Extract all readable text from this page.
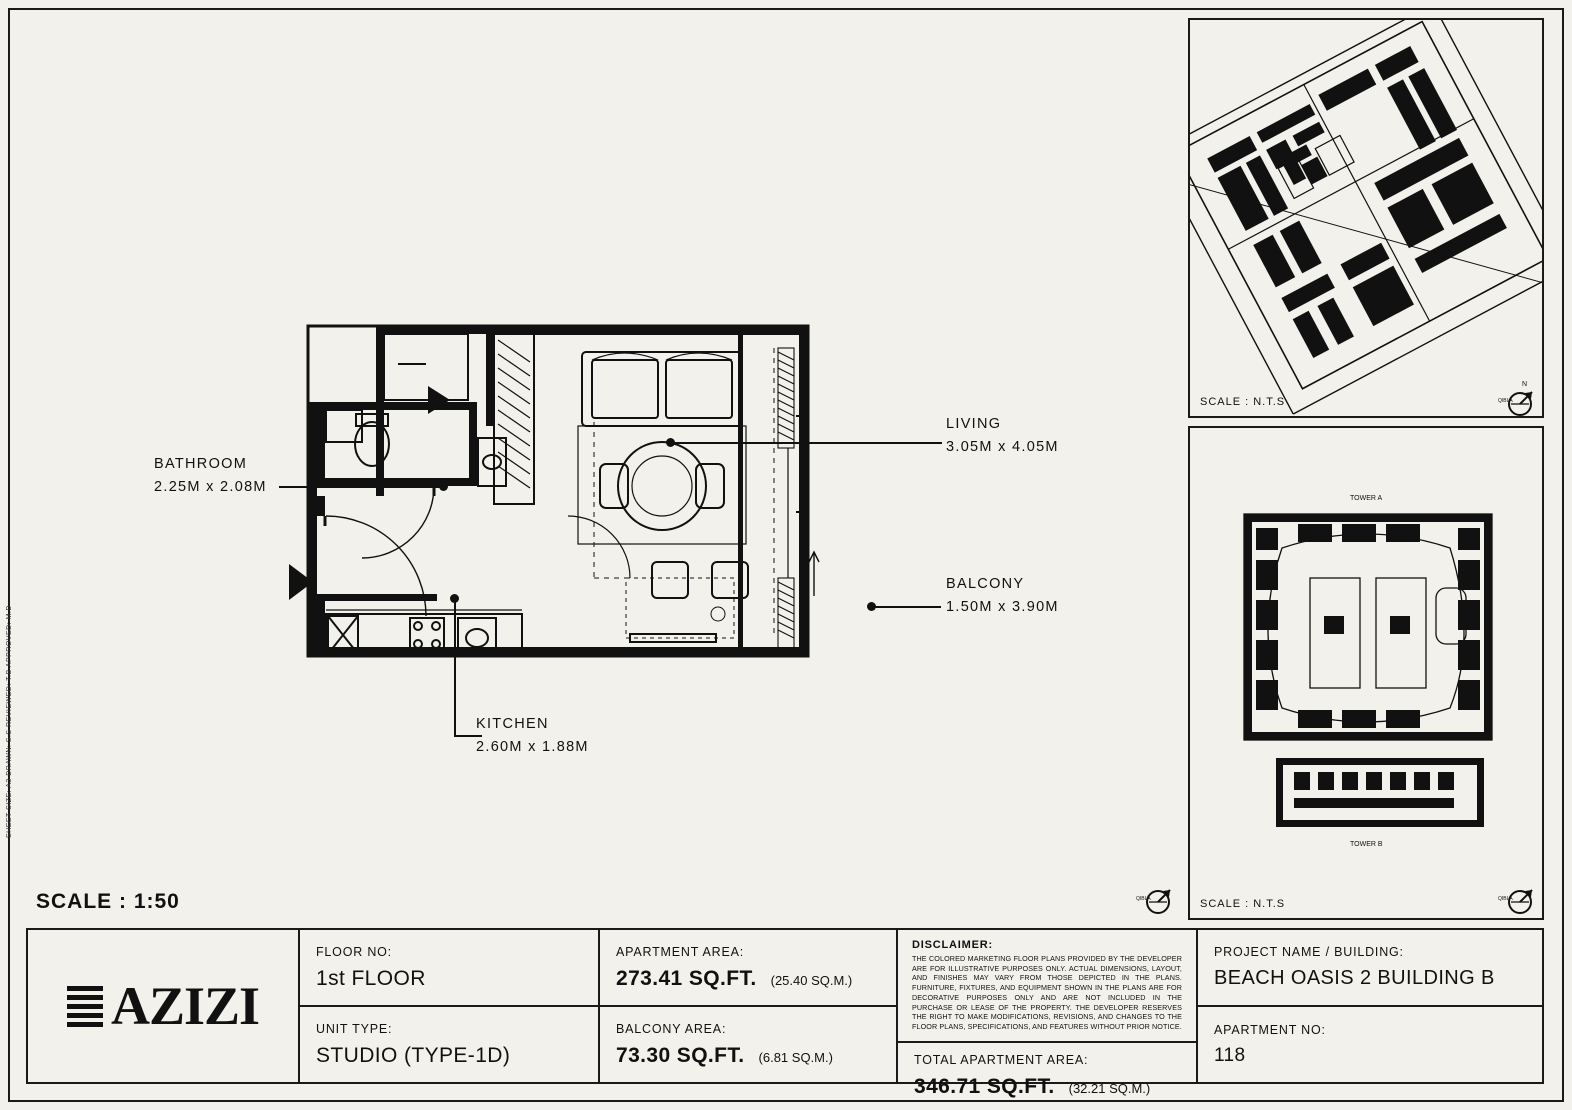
SHEET SIZE: A3 DRAWN: S.S REVIEWED: T.B APPROVED: M.D
BATHROOM
2.25M x 2.08M
KITCHEN
2.60M x 1.88M
LIVING
3.05M x 4.05M
BALCONY
1.50M x 3.90M
SCALE : 1:50	QIBLA
SCALE : N.T.S
N
QIBLA
TOWER A
TOWER B
SCALE : N.T.S	QIBLA
AZIZI
FLOOR NO:
1st FLOOR
UNIT TYPE:
STUDIO (TYPE-1D)
APARTMENT AREA:
273.41 SQ.FT. (25.40 SQ.M.)
BALCONY AREA:
73.30 SQ.FT. (6.81 SQ.M.)
DISCLAIMER:
THE COLORED MARKETING FLOOR PLANS PROVIDED BY THE DEVELOPER ARE FOR ILLUSTRATIVE PURPOSES ONLY. ACTUAL DIMENSIONS, LAYOUT, AND FINISHES MAY VARY FROM THOSE DEPICTED IN THE PLANS. FURNITURE, FIXTURES, AND EQUIPMENT SHOWN IN THE PLANS ARE FOR DECORATIVE PURPOSES ONLY AND ARE NOT INCLUDED IN THE PURCHASE OR LEASE OF THE PROPERTY. THE DEVELOPER RESERVES THE RIGHT TO MAKE MODIFICATIONS, REVISIONS, AND CHANGES TO THE FLOOR PLANS, SPECIFICATIONS, AND FEATURES WITHOUT PRIOR NOTICE.
TOTAL APARTMENT AREA:
346.71 SQ.FT. (32.21 SQ.M.)
PROJECT NAME / BUILDING:
BEACH OASIS 2 BUILDING B
APARTMENT NO:
118
